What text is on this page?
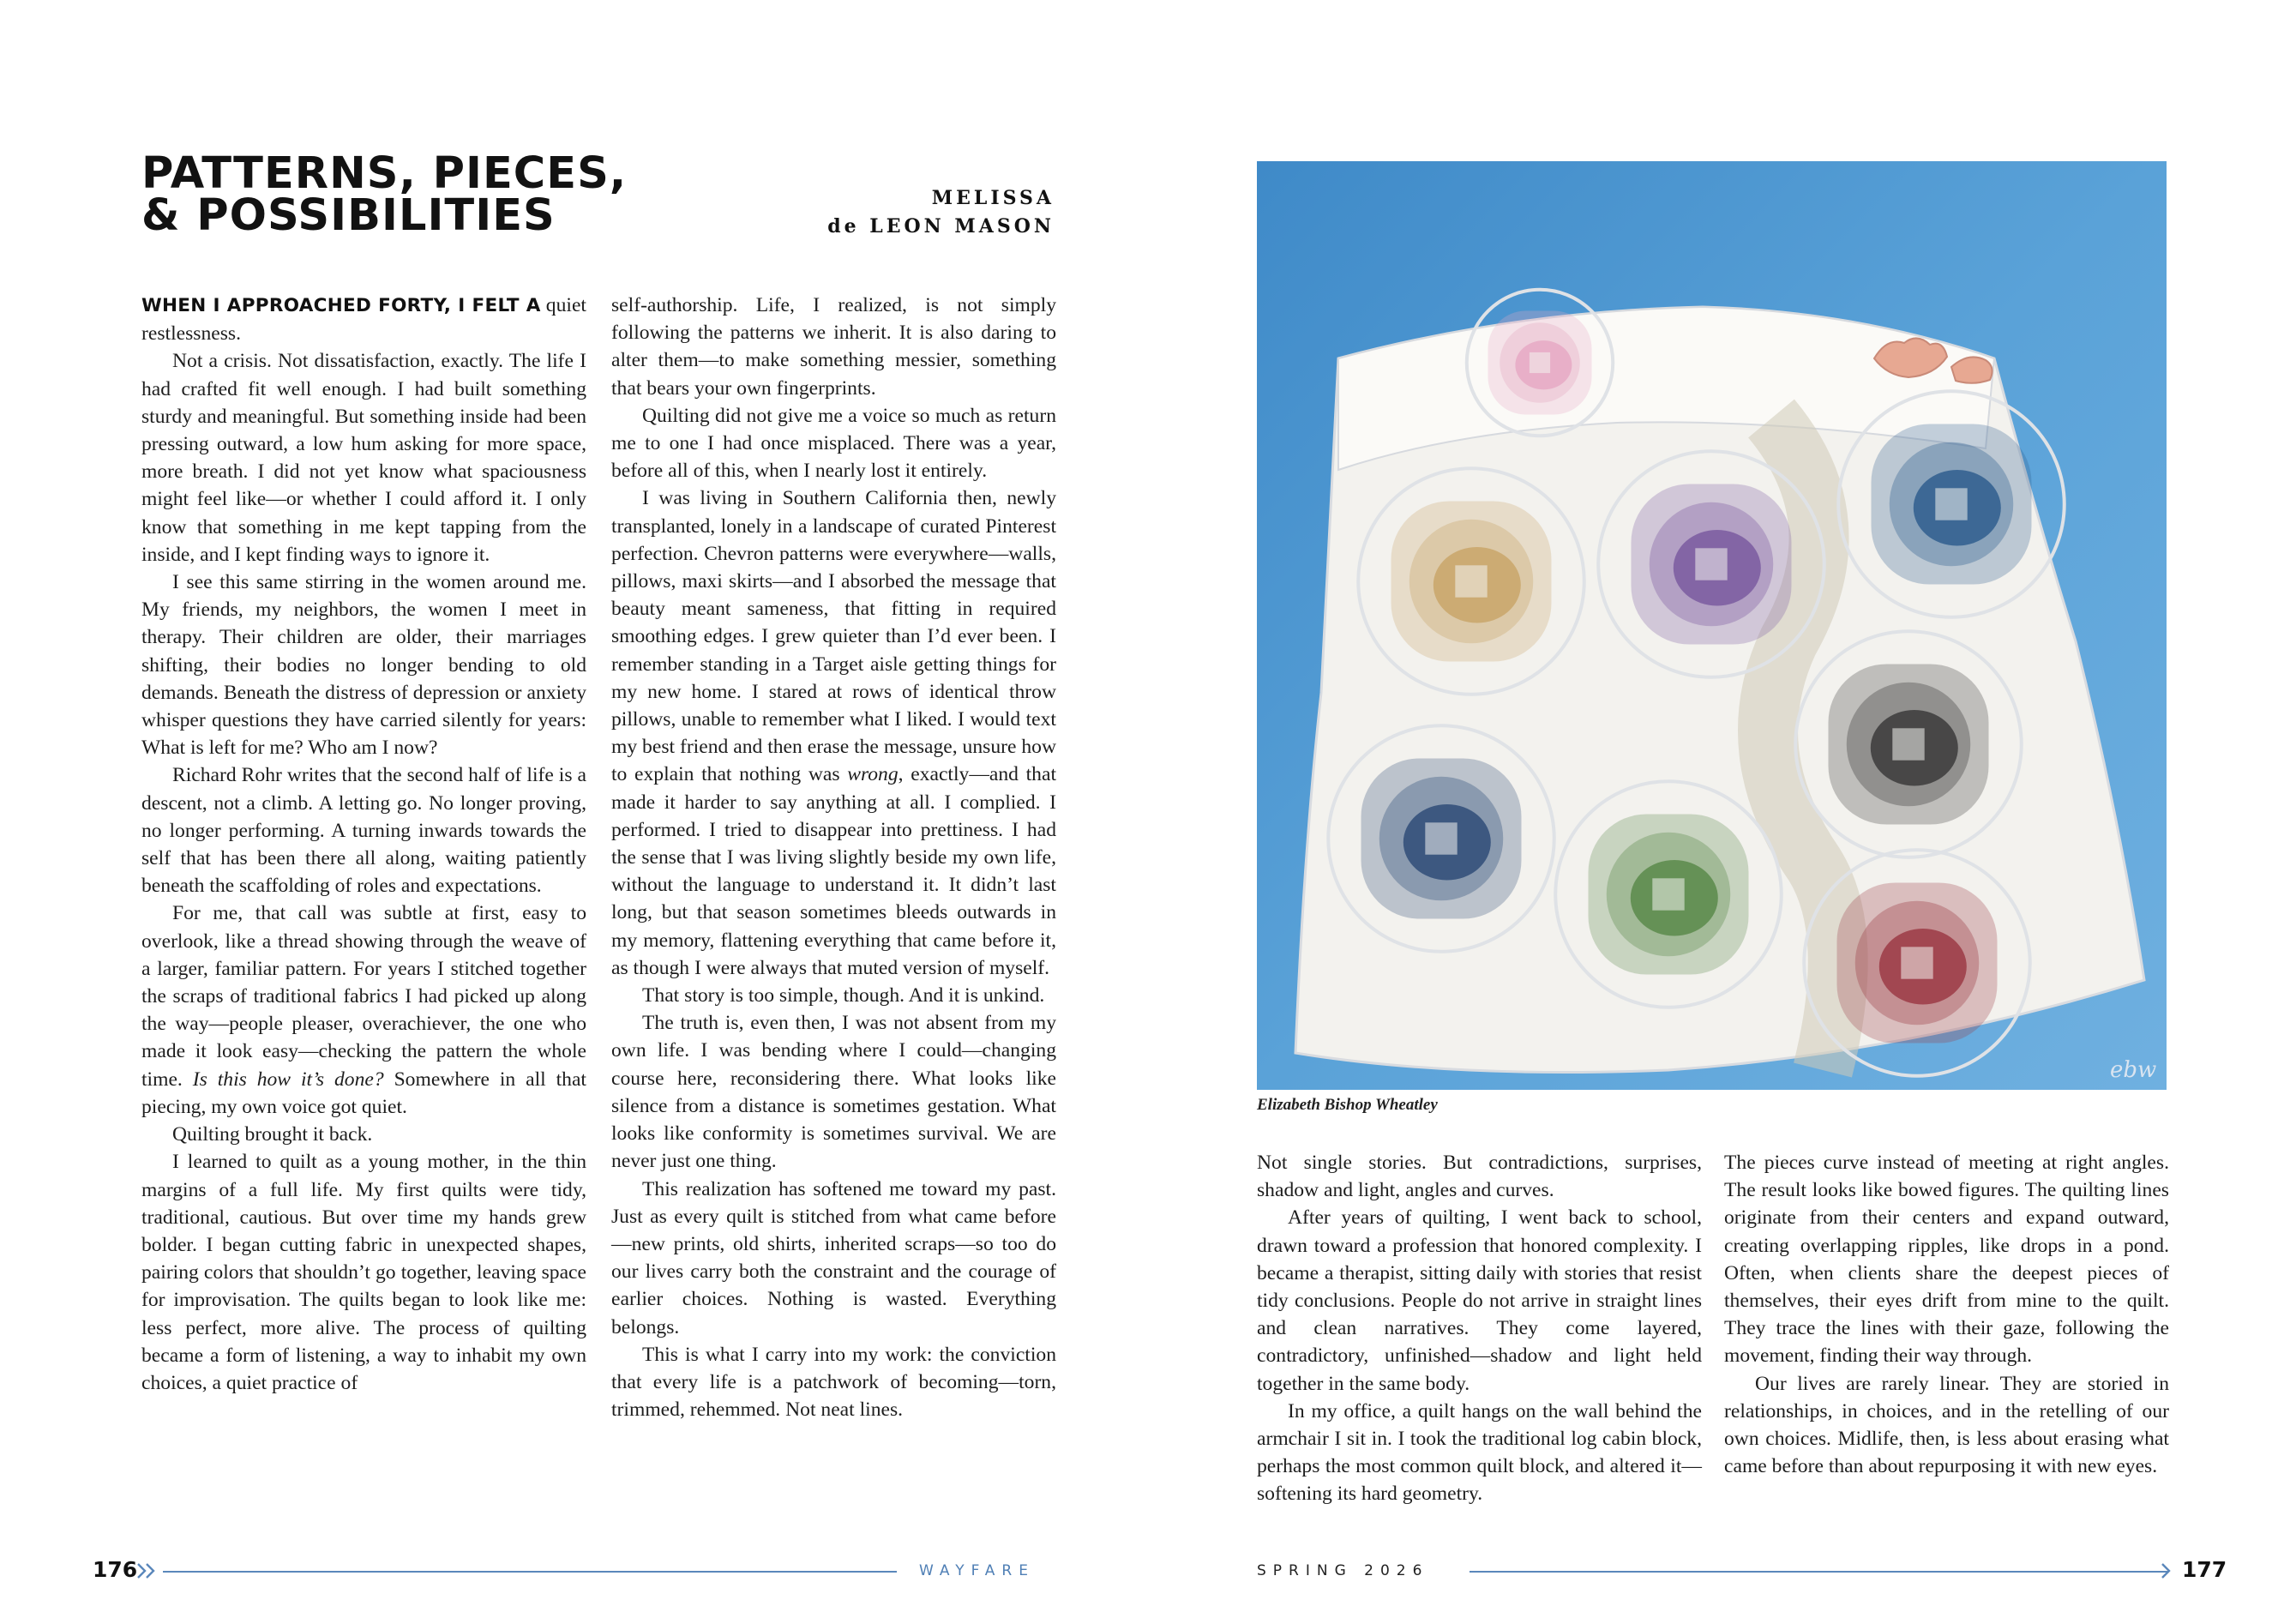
PATTERNS, PIECES,
& POSSIBILITIES	MELISSA
de LEON MASON

WHEN I APPROACHED FORTY, I FELT A quiet restlessness.

Not a crisis. Not dissatisfaction, exactly. The life I had crafted fit well enough. I had built something sturdy and meaningful. But something inside had been pressing outward, a low hum asking for more space, more breath. I did not yet know what spaciousness might feel like—or whether I could afford it. I only know that something in me kept tapping from the inside, and I kept finding ways to ignore it.

I see this same stirring in the women around me. My friends, my neighbors, the women I meet in therapy. Their children are older, their marriages shifting, their bodies no longer bending to old demands. Beneath the distress of depression or anxiety whisper questions they have carried silently for years: What is left for me? Who am I now?

Richard Rohr writes that the second half of life is a descent, not a climb. A letting go. No longer proving, no longer performing. A turning inwards towards the self that has been there all along, waiting patiently beneath the scaffolding of roles and expectations.

For me, that call was subtle at first, easy to overlook, like a thread showing through the weave of a larger, familiar pattern. For years I stitched together the scraps of traditional fabrics I had picked up along the way—people pleaser, overachiever, the one who made it look easy—checking the pattern the whole time. Is this how it’s done? Somewhere in all that piecing, my own voice got quiet.

Quilting brought it back.

I learned to quilt as a young mother, in the thin margins of a full life. My first quilts were tidy, traditional, cautious. But over time my hands grew bolder. I began cutting fabric in unexpected shapes, pairing colors that shouldn’t go together, leaving space for improvisation. The quilts began to look like me: less perfect, more alive. The process of quilting became a form of listening, a way to inhabit my own choices, a quiet practice of

self-authorship. Life, I realized, is not simply following the patterns we inherit. It is also daring to alter them—to make something messier, something that bears your own fingerprints.

Quilting did not give me a voice so much as return me to one I had once misplaced. There was a year, before all of this, when I nearly lost it entirely.

I was living in Southern California then, newly transplanted, lonely in a landscape of curated Pinterest perfection. Chevron patterns were everywhere—walls, pillows, maxi skirts—and I absorbed the message that beauty meant sameness, that fitting in required smoothing edges. I grew quieter than I’d ever been. I remember standing in a Target aisle getting things for my new home. I stared at rows of identical throw pillows, unable to remember what I liked. I would text my best friend and then erase the message, unsure how to explain that nothing was wrong, exactly—and that made it harder to say anything at all. I complied. I performed. I tried to disappear into prettiness. I had the sense that I was living slightly beside my own life, without the language to understand it. It didn’t last long, but that season sometimes bleeds outwards in my memory, flattening everything that came before it, as though I were always that muted version of myself.

That story is too simple, though. And it is unkind.

The truth is, even then, I was not absent from my own life. I was bending where I could—changing course here, reconsidering there. What looks like silence from a distance is sometimes gestation. What looks like conformity is sometimes survival. We are never just one thing.

This realization has softened me toward my past. Just as every quilt is stitched from what came before—new prints, old shirts, inherited scraps—so too do our lives carry both the constraint and the courage of earlier choices. Nothing is wasted. Everything belongs.

This is what I carry into my work: the conviction that every life is a patchwork of becoming—torn, trimmed, rehemmed. Not neat lines.

176	WAYFARE
ebw
Elizabeth Bishop Wheatley

Not single stories. But contradictions, surprises, shadow and light, angles and curves.

After years of quilting, I went back to school, drawn toward a profession that honored complexity. I became a therapist, sitting daily with stories that resist tidy conclusions. People do not arrive in straight lines and clean narratives. They come layered, contradictory, unfinished—shadow and light held together in the same body.

In my office, a quilt hangs on the wall behind the armchair I sit in. I took the traditional log cabin block, perhaps the most common quilt block, and altered it—softening its hard geometry.

The pieces curve instead of meeting at right angles. The result looks like bowed figures. The quilting lines originate from their centers and expand outward, creating overlapping ripples, like drops in a pond. Often, when clients share the deepest pieces of themselves, their eyes drift from mine to the quilt. They trace the lines with their gaze, following the movement, finding their way through.

Our lives are rarely linear. They are storied in relationships, in choices, and in the retelling of our own choices. Midlife, then, is less about erasing what came before than about repurposing it with new eyes.

SPRING 2026	177
